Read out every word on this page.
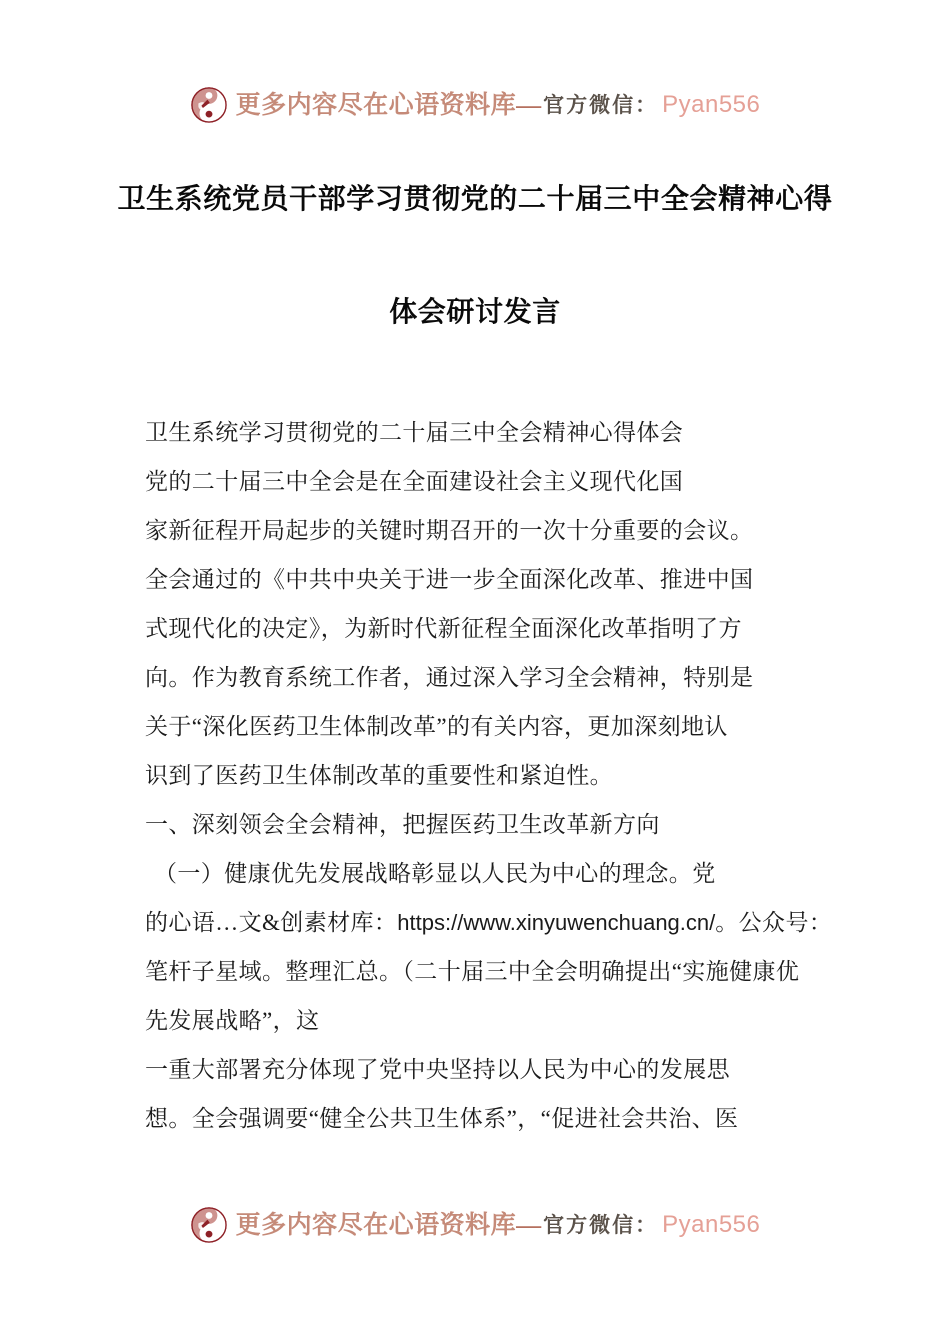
更多内容尽在心语资料库 — 官方微信： Pyan556
卫生系统党员干部学习贯彻党的二十届三中全会精神心得
体会研讨发言
卫生系统学习贯彻党的二十届三中全会精神心得体会
党的二十届三中全会是在全面建设社会主义现代化国
家新征程开局起步的关键时期召开的一次十分重要的会议。
全会通过的《中共中央关于进一步全面深化改革、推进中国
式现代化的决定》，为新时代新征程全面深化改革指明了方
向。作为教育系统工作者，通过深入学习全会精神，特别是
关于“深化医药卫生体制改革”的有关内容，更加深刻地认
识到了医药卫生体制改革的重要性和紧迫性。
一、深刻领会全会精神，把握医药卫生改革新方向
（一）健康优先发展战略彰显以人民为中心的理念。党
的心语…文&创素材库：https://www.xinyuwenchuang.cn/。公众号：
笔杆子星域。整理汇总。（二十届三中全会明确提出“实施健康优
先发展战略”，这
一重大部署充分体现了党中央坚持以人民为中心的发展思
想。全会强调要“健全公共卫生体系”，“促进社会共治、医
更多内容尽在心语资料库 — 官方微信： Pyan556
